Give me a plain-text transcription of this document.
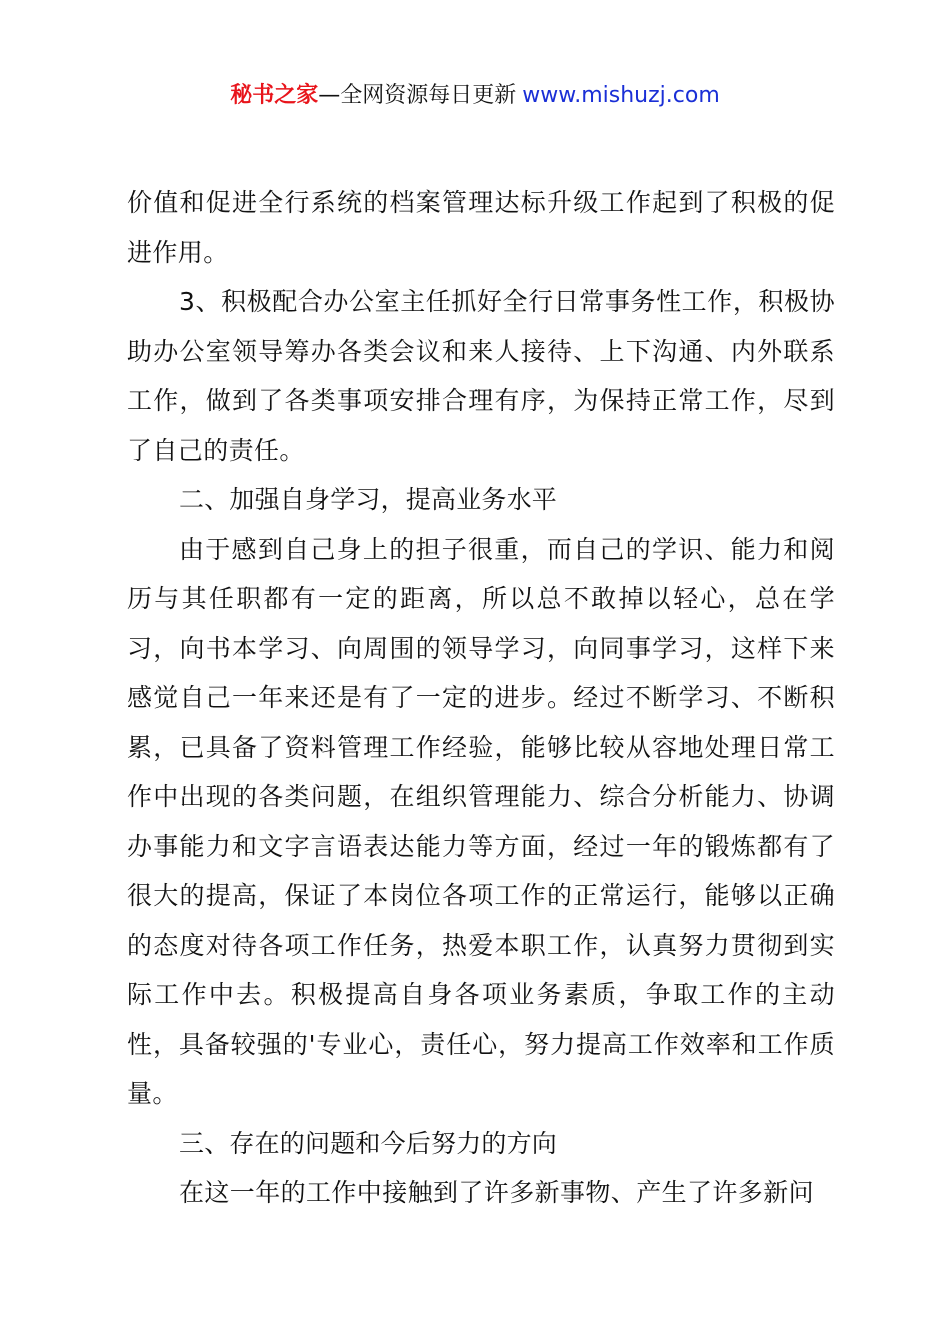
秘书之家—全网资源每日更新 www.mishuzj.com

价值和促进全行系统的档案管理达标升级工作起到了积极的促进作用。

3、积极配合办公室主任抓好全行日常事务性工作，积极协助办公室领导筹办各类会议和来人接待、上下沟通、内外联系工作，做到了各类事项安排合理有序，为保持正常工作，尽到了自己的责任。

二、加强自身学习，提高业务水平

由于感到自己身上的担子很重，而自己的学识、能力和阅历与其任职都有一定的距离，所以总不敢掉以轻心，总在学习，向书本学习、向周围的领导学习，向同事学习，这样下来感觉自己一年来还是有了一定的进步。经过不断学习、不断积累，已具备了资料管理工作经验，能够比较从容地处理日常工作中出现的各类问题，在组织管理能力、综合分析能力、协调办事能力和文字言语表达能力等方面，经过一年的锻炼都有了很大的提高，保证了本岗位各项工作的正常运行，能够以正确的态度对待各项工作任务，热爱本职工作，认真努力贯彻到实际工作中去。积极提高自身各项业务素质，争取工作的主动性，具备较强的'专业心，责任心，努力提高工作效率和工作质量。

三、存在的问题和今后努力的方向

在这一年的工作中接触到了许多新事物、产生了许多新问
